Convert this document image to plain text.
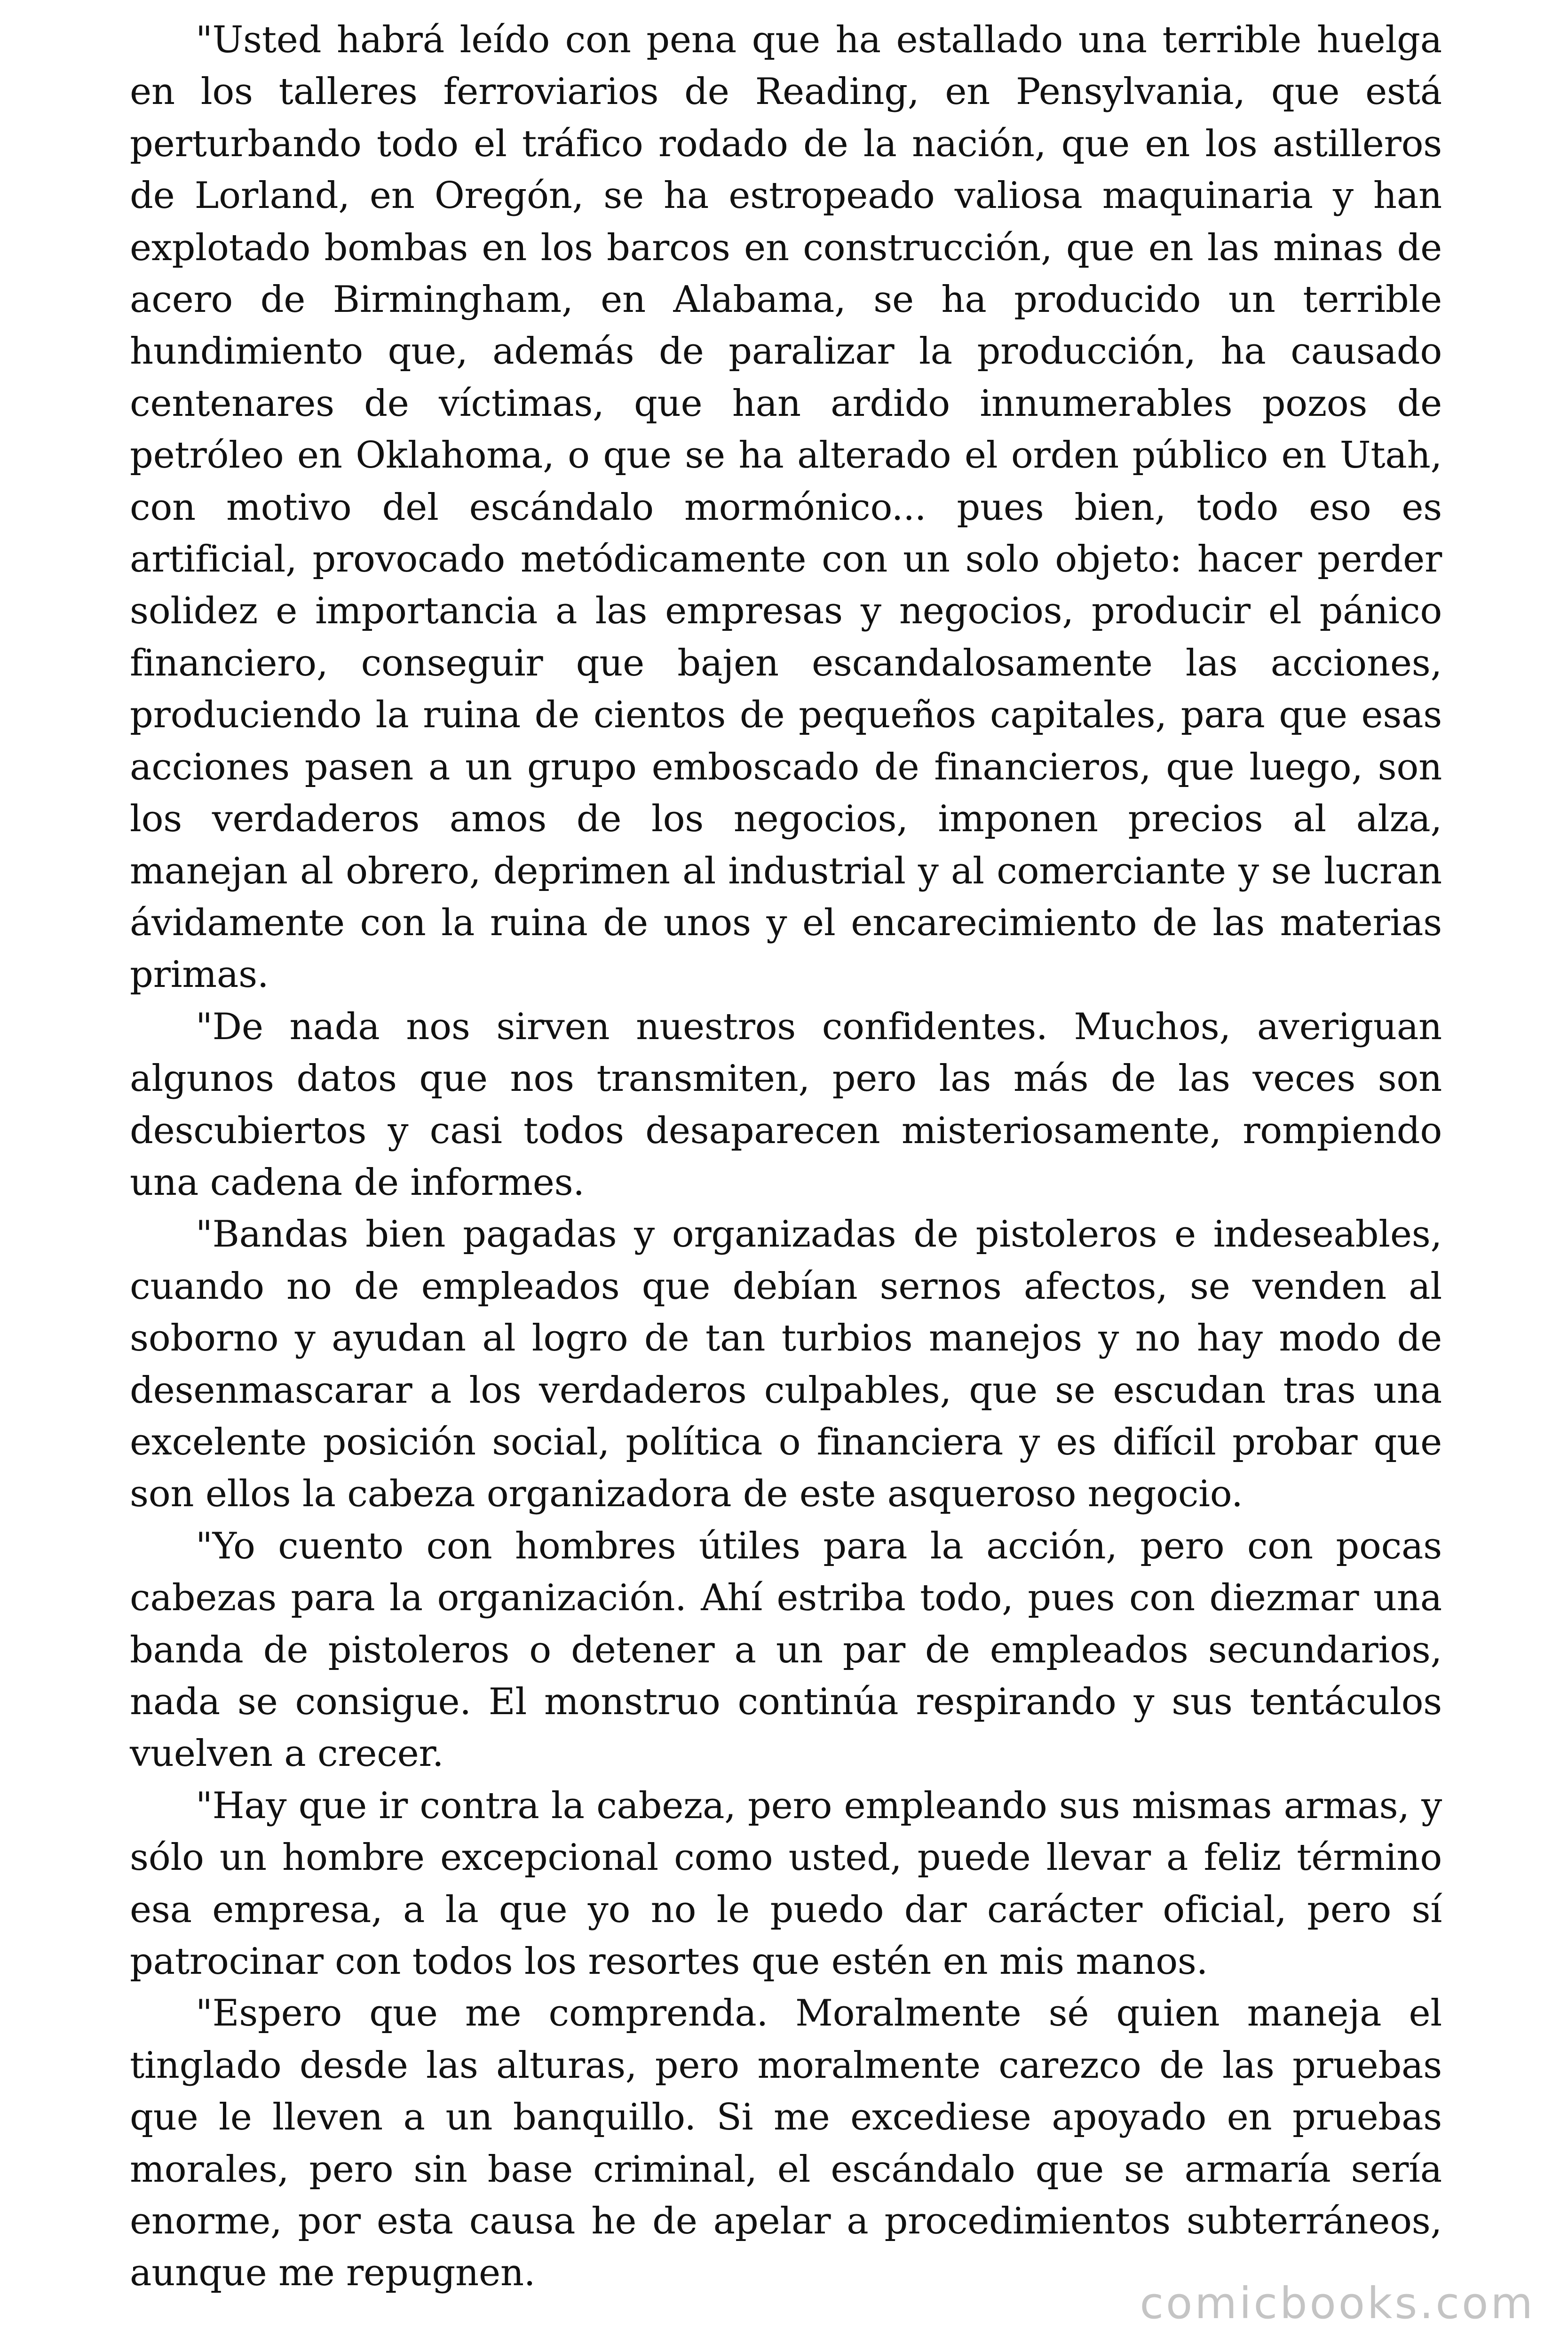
"Usted habrá leído con pena que ha estallado una terrible huelga en los talleres ferroviarios de Reading, en Pensylvania, que está perturbando todo el tráfico rodado de la nación, que en los astilleros de Lorland, en Oregón, se ha estropeado valiosa maquinaria y han explotado bombas en los barcos en construcción, que en las minas de acero de Birmingham, en Alabama, se ha producido un terrible hundimiento que, además de paralizar la producción, ha causado centenares de víctimas, que han ardido innumerables pozos de petróleo en Oklahoma, o que se ha alterado el orden público en Utah, con motivo del escándalo mormónico... pues bien, todo eso es artificial, provocado metódicamente con un solo objeto: hacer perder solidez e importancia a las empresas y negocios, producir el pánico financiero, conseguir que bajen escandalosamente las acciones, produciendo la ruina de cientos de pequeños capitales, para que esas acciones pasen a un grupo emboscado de financieros, que luego, son los verdaderos amos de los negocios, imponen precios al alza, manejan al obrero, deprimen al industrial y al comerciante y se lucran ávidamente con la ruina de unos y el encarecimiento de las materias primas.

"De nada nos sirven nuestros confidentes. Muchos, averiguan algunos datos que nos transmiten, pero las más de las veces son descubiertos y casi todos desaparecen misteriosamente, rompiendo una cadena de informes.

"Bandas bien pagadas y organizadas de pistoleros e indeseables, cuando no de empleados que debían sernos afectos, se venden al soborno y ayudan al logro de tan turbios manejos y no hay modo de desenmascarar a los verdaderos culpables, que se escudan tras una excelente posición social, política o financiera y es difícil probar que son ellos la cabeza organizadora de este asqueroso negocio.

"Yo cuento con hombres útiles para la acción, pero con pocas cabezas para la organización. Ahí estriba todo, pues con diezmar una banda de pistoleros o detener a un par de empleados secundarios, nada se consigue. El monstruo continúa respirando y sus tentáculos vuelven a crecer.

"Hay que ir contra la cabeza, pero empleando sus mismas armas, y sólo un hombre excepcional como usted, puede llevar a feliz término esa empresa, a la que yo no le puedo dar carácter oficial, pero sí patrocinar con todos los resortes que estén en mis manos.

"Espero que me comprenda. Moralmente sé quien maneja el tinglado desde las alturas, pero moralmente carezco de las pruebas que le lleven a un banquillo. Si me excediese apoyado en pruebas morales, pero sin base criminal, el escándalo que se armaría sería enorme, por esta causa he de apelar a procedimientos subterráneos, aunque me repugnen.

comicbooks.com
